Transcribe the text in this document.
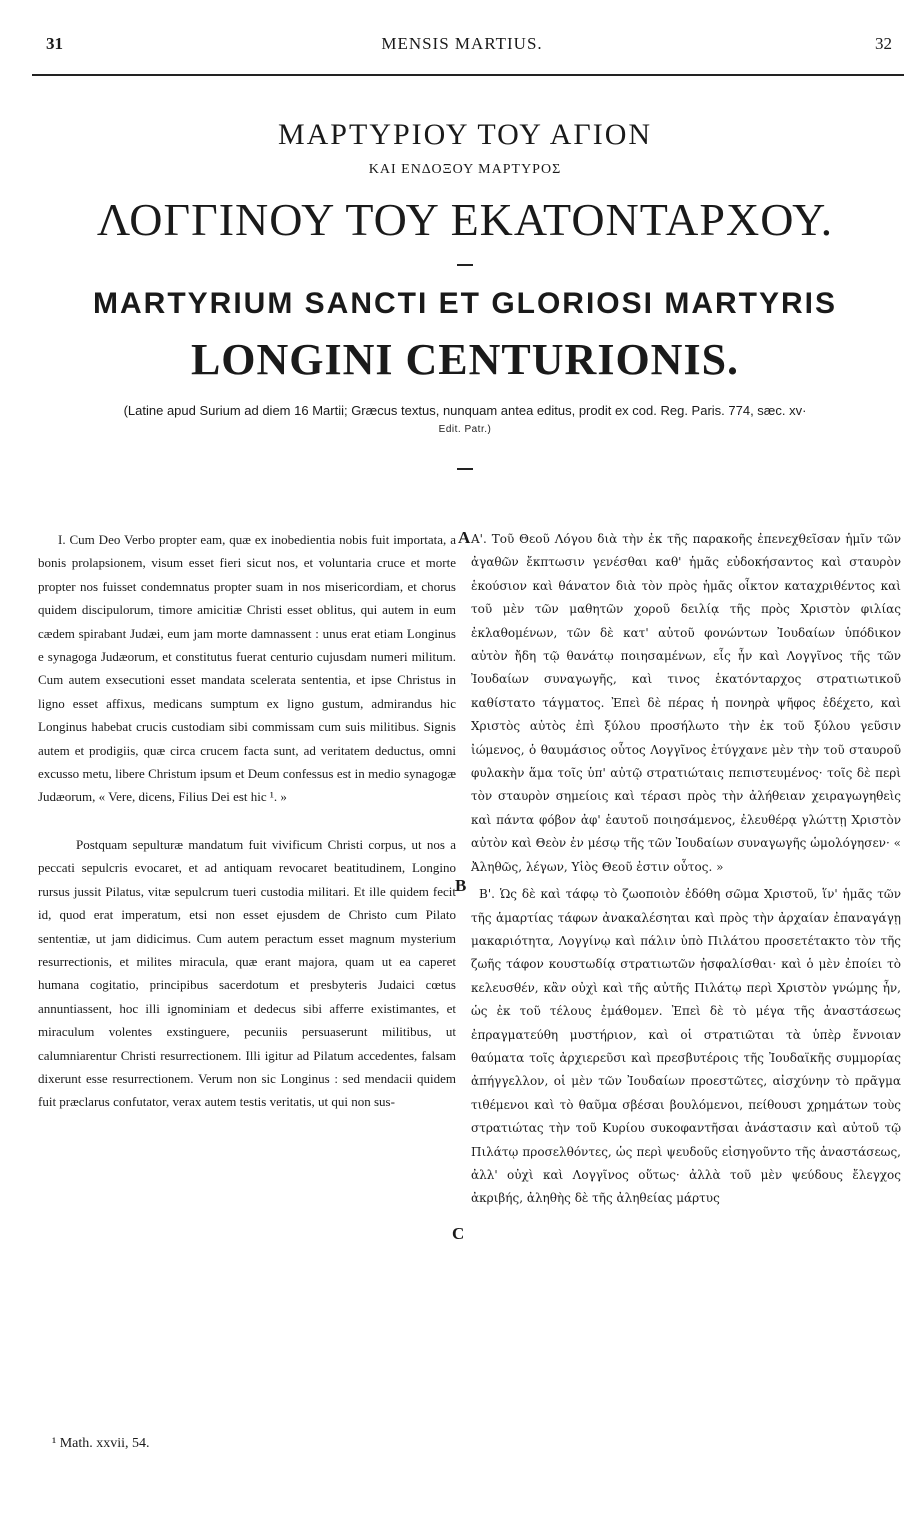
31	MENSIS MARTIUS.	32
ΜΑΡΤΥΡΙΟΥ ΤΟΥ ΑΓΙΟΝ
ΚΑΙ ΕΝΔΟΞΟΥ ΜΑΡΤΥΡΟΣ
ΛΟΓΓΙΝΟΥ ΤΟΥ ΕΚΑΤΟΝΤΑΡΧΟΥ.
MARTYRIUM SANCTI ET GLORIOSI MARTYRIS
LONGINI CENTURIONIS.
(Latine apud Surium ad diem 16 Martii; Græcus textus, nunquam antea editus, prodit ex cod. Reg. Paris. 774, sæc. xv·
Edit. Patr.)

I. Cum Deo Verbo propter eam, quæ ex inobedientia nobis fuit importata, a bonis prolapsionem, visum esset fieri sicut nos, et voluntaria cruce et morte propter nos fuisset condemnatus propter suam in nos misericordiam, et chorus quidem discipulorum, timore amicitiæ Christi esset oblitus, qui autem in eum cædem spirabant Judæi, eum jam morte damnassent : unus erat etiam Longinus e synagoga Judæorum, et constitutus fuerat centurio cujusdam numeri militum. Cum autem exsecutioni esset mandata scelerata sententia, et ipse Christus in ligno esset affixus, medicans sumptum ex ligno gustum, admirandus hic Longinus habebat crucis custodiam sibi commissam cum suis militibus. Signis autem et prodigiis, quæ circa crucem facta sunt, ad veritatem deductus, omni excusso metu, libere Christum ipsum et Deum confessus est in medio synagogæ Judæorum, « Vere, dicens, Filius Dei est hic ¹. »

Postquam sepulturæ mandatum fuit vivificum Christi corpus, ut nos a peccati sepulcris evocaret, et ad antiquam revocaret beatitudinem, Longino rursus jussit Pilatus, vitæ sepulcrum tueri custodia militari. Et ille quidem fecit id, quod erat imperatum, etsi non esset ejusdem de Christo cum Pilato sententiæ, ut jam didicimus. Cum autem peractum esset magnum mysterium resurrectionis, et milites miracula, quæ erant majora, quam ut ea caperet humana cogitatio, principibus sacerdotum et presbyteris Judaici cœtus annuntiassent, hoc illi ignominiam et dedecus sibi afferre existimantes, et miraculum volentes exstinguere, pecuniis persuaserunt militibus, ut calumniarentur Christi resurrectionem. Illi igitur ad Pilatum accedentes, falsam dixerunt esse resurrectionem. Verum non sic Longinus : sed mendacii quidem fuit præclarus confutator, verax autem testis veritatis, ut qui non sus-

Α'. Τοῦ Θεοῦ Λόγου διὰ τὴν ἐκ τῆς παρακοῆς ἐπενεχθεῖσαν ἡμῖν τῶν ἀγαθῶν ἔκπτωσιν γενέσθαι καθ' ἡμᾶς εὐδοκήσαντος καὶ σταυρὸν ἑκούσιον καὶ θάνατον διὰ τὸν πρὸς ἡμᾶς οἶκτον καταχριθέντος καὶ τοῦ μὲν τῶν μαθητῶν χοροῦ δειλίᾳ τῆς πρὸς Χριστὸν φιλίας ἐκλαθομένων, τῶν δὲ κατ' αὐτοῦ φονώντων Ἰουδαίων ὑπόδικον αὐτὸν ἤδη τῷ θανάτῳ ποιησαμένων, εἷς ἦν καὶ Λογγῖνος τῆς τῶν Ἰουδαίων συναγωγῆς, καὶ τινος ἑκατόνταρχος στρατιωτικοῦ καθίστατο τάγματος. Ἐπεὶ δὲ πέρας ἡ πονηρὰ ψῆφος ἐδέχετο, καὶ Χριστὸς αὐτὸς ἐπὶ ξύλου προσήλωτο τὴν ἐκ τοῦ ξύλου γεῦσιν ἰώμενος, ὁ θαυμάσιος οὗτος Λογγῖνος ἐτύγχανε μὲν τὴν τοῦ σταυροῦ φυλακὴν ἅμα τοῖς ὑπ' αὐτῷ στρατιώταις πεπιστευμένος· τοῖς δὲ περὶ τὸν σταυρὸν σημείοις καὶ τέρασι πρὸς τὴν ἀλήθειαν χειραγωγηθεὶς καὶ πάντα φόβον ἀφ' ἑαυτοῦ ποιησάμενος, ἐλευθέρᾳ γλώττῃ Χριστὸν αὐτὸν καὶ Θεὸν ἐν μέσῳ τῆς τῶν Ἰουδαίων συναγωγῆς ὡμολόγησεν· « Ἀληθῶς, λέγων, Υἱὸς Θεοῦ ἐστιν οὗτος. »

Β'. Ὡς δὲ καὶ τάφῳ τὸ ζωοποιὸν ἐδόθη σῶμα Χριστοῦ, ἵν' ἡμᾶς τῶν τῆς ἁμαρτίας τάφων ἀνακαλέσηται καὶ πρὸς τὴν ἀρχαίαν ἐπαναγάγῃ μακαριότητα, Λογγίνῳ καὶ πάλιν ὑπὸ Πιλάτου προσετέτακτο τὸν τῆς ζωῆς τάφον κουστωδίᾳ στρατιωτῶν ἠσφαλίσθαι· καὶ ὁ μὲν ἐποίει τὸ κελευσθέν, κἂν οὐχὶ καὶ τῆς αὐτῆς Πιλάτῳ περὶ Χριστὸν γνώμης ἦν, ὡς ἐκ τοῦ τέλους ἐμάθομεν. Ἐπεὶ δὲ τὸ μέγα τῆς ἀναστάσεως ἐπραγματεύθη μυστήριον, καὶ οἱ στρατιῶται τὰ ὑπὲρ ἔννοιαν θαύματα τοῖς ἀρχιερεῦσι καὶ πρεσβυτέροις τῆς Ἰουδαϊκῆς συμμορίας ἀπήγγελλον, οἱ μὲν τῶν Ἰουδαίων προεστῶτες, αἰσχύνην τὸ πρᾶγμα τιθέμενοι καὶ τὸ θαῦμα σβέσαι βουλόμενοι, πείθουσι χρημάτων τοὺς στρατιώτας τὴν τοῦ Κυρίου συκοφαντῆσαι ἀνάστασιν καὶ αὐτοῦ τῷ Πιλάτῳ προσελθόντες, ὡς περὶ ψευδοῦς εἰσηγοῦντο τῆς ἀναστάσεως, ἀλλ' οὐχὶ καὶ Λογγῖνος οὕτως· ἀλλὰ τοῦ μὲν ψεύδους ἔλεγχος ἀκριβής, ἀληθὴς δὲ τῆς ἀληθείας μάρτυς

A
B
C
¹ Math. xxvii, 54.
